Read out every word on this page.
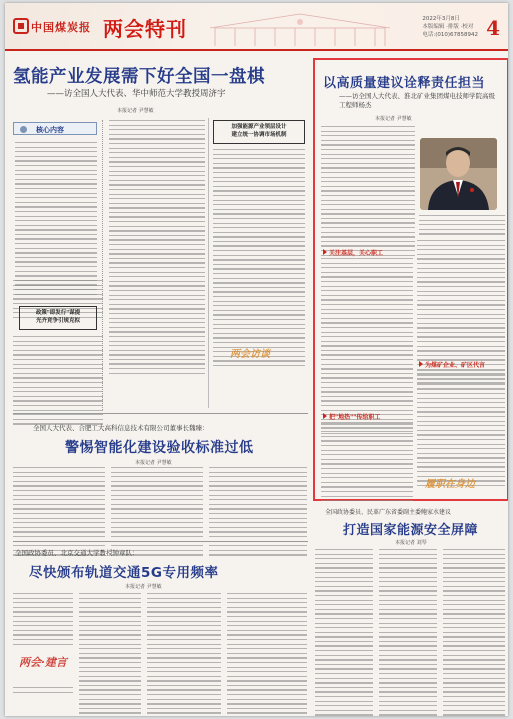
中国煤炭报 两会特刊	2022年3月8日
本版编辑 ·排版 ·校对
电话:(010)67858942 4
氢能产业发展需下好全国一盘棋
——访全国人大代表、华中师范大学教授周济宇
本报记者 尹慧敏
核心内容
政策"即发行"谋提
光齐竞争引规克拟
加强能源产业领层设计
建立统一协调市场机制
两会访谈
以高质量建议诠释责任担当
——访全国人大代表、淮北矿业集团煤电技师学院高级工程师杨杰
本报记者 尹慧敏
关注基层，关心职工
把"地热""传给职工
为煤矿企业、矿区代言
履职在身边
全国人大代表、合肥工大高科信息技术有限公司董事长魏臻：
警惕智能化建设验收标准过低
本报记者 尹慧敏
全国政协委员、北京交通大学教授钟章队：
尽快颁布轨道交通5G专用频率
本报记者 尹慧敏
两会·建言
全国政协委员、民革广东省委副主委鲍家水建议
打造国家能源安全屏障
本报记者 刘琴
